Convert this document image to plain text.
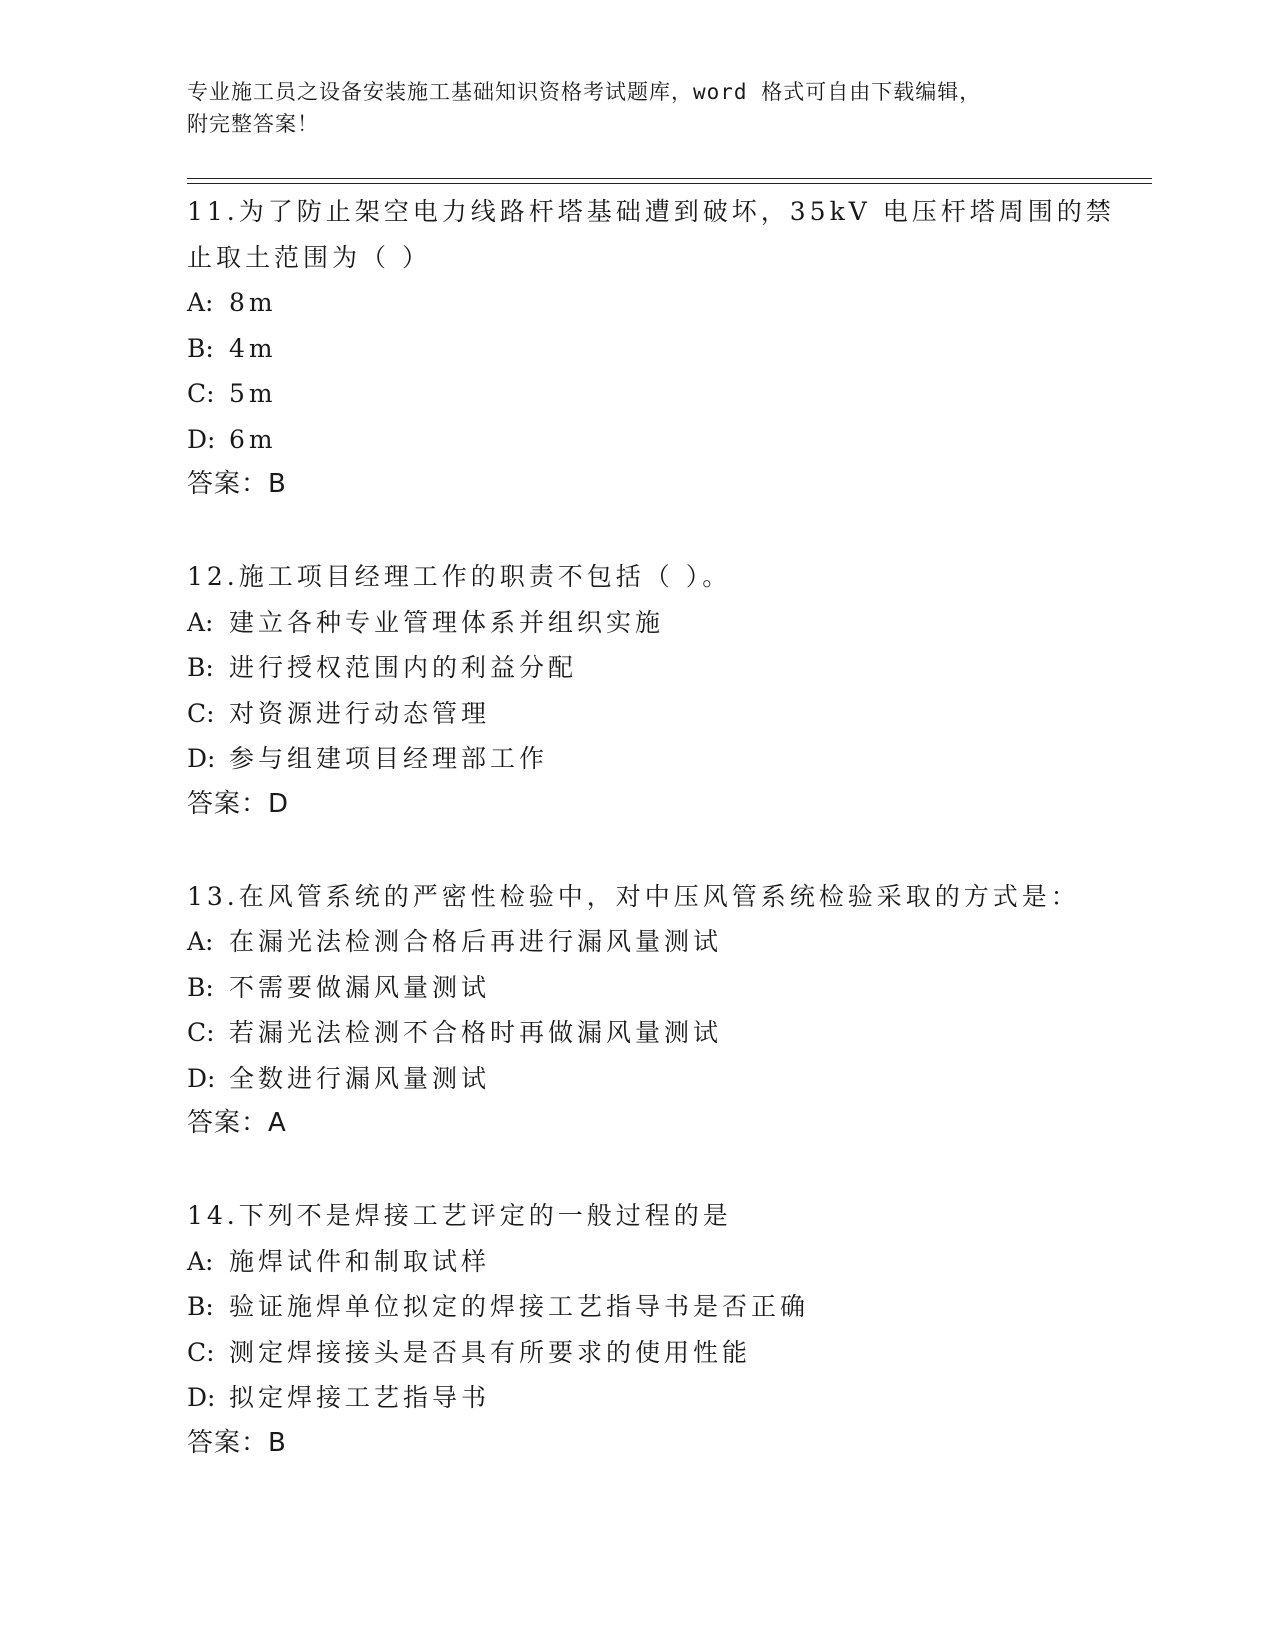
专业施工员之设备安装施工基础知识资格考试题库，word 格式可自由下载编辑，
附完整答案！
11.为了防止架空电力线路杆塔基础遭到破坏，35kV 电压杆塔周围的禁
止取土范围为（ ）
A: 8m
B: 4m
C: 5m
D: 6m
答案：B
12.施工项目经理工作的职责不包括（ ）。
A: 建立各种专业管理体系并组织实施
B: 进行授权范围内的利益分配
C: 对资源进行动态管理
D: 参与组建项目经理部工作
答案：D
13.在风管系统的严密性检验中，对中压风管系统检验采取的方式是：
A: 在漏光法检测合格后再进行漏风量测试
B: 不需要做漏风量测试
C: 若漏光法检测不合格时再做漏风量测试
D: 全数进行漏风量测试
答案：A
14.下列不是焊接工艺评定的一般过程的是
A: 施焊试件和制取试样
B: 验证施焊单位拟定的焊接工艺指导书是否正确
C: 测定焊接接头是否具有所要求的使用性能
D: 拟定焊接工艺指导书
答案：B
